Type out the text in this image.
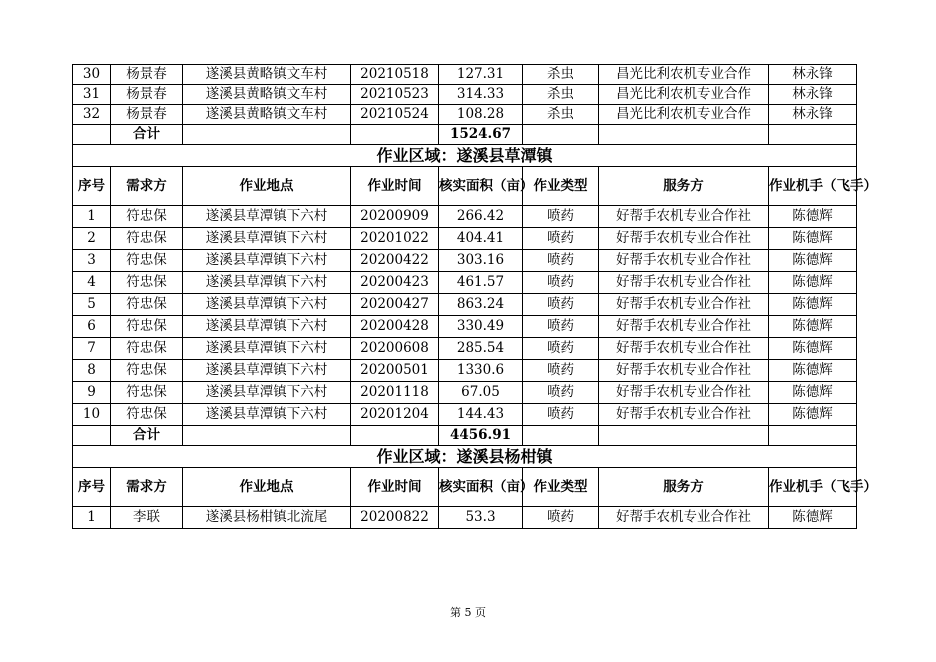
30	杨景春	遂溪县黄略镇文车村	20210518	127.31	杀虫	昌光比利农机专业合作	林永锋
31	杨景春	遂溪县黄略镇文车村	20210523	314.33	杀虫	昌光比利农机专业合作	林永锋
32	杨景春	遂溪县黄略镇文车村	20210524	108.28	杀虫	昌光比利农机专业合作	林永锋
	合计			1524.67			
作业区域：遂溪县草潭镇							
序号	需求方	作业地点	作业时间	核实面积（亩）	作业类型	服务方	作业机手（飞手）
1	符忠保	遂溪县草潭镇下六村	20200909	266.42	喷药	好帮手农机专业合作社	陈德辉
2	符忠保	遂溪县草潭镇下六村	20201022	404.41	喷药	好帮手农机专业合作社	陈德辉
3	符忠保	遂溪县草潭镇下六村	20200422	303.16	喷药	好帮手农机专业合作社	陈德辉
4	符忠保	遂溪县草潭镇下六村	20200423	461.57	喷药	好帮手农机专业合作社	陈德辉
5	符忠保	遂溪县草潭镇下六村	20200427	863.24	喷药	好帮手农机专业合作社	陈德辉
6	符忠保	遂溪县草潭镇下六村	20200428	330.49	喷药	好帮手农机专业合作社	陈德辉
7	符忠保	遂溪县草潭镇下六村	20200608	285.54	喷药	好帮手农机专业合作社	陈德辉
8	符忠保	遂溪县草潭镇下六村	20200501	1330.6	喷药	好帮手农机专业合作社	陈德辉
9	符忠保	遂溪县草潭镇下六村	20201118	67.05	喷药	好帮手农机专业合作社	陈德辉
10	符忠保	遂溪县草潭镇下六村	20201204	144.43	喷药	好帮手农机专业合作社	陈德辉
	合计			4456.91			
作业区域：遂溪县杨柑镇							
序号	需求方	作业地点	作业时间	核实面积（亩）	作业类型	服务方	作业机手（飞手）
1	李联	遂溪县杨柑镇北流尾	20200822	53.3	喷药	好帮手农机专业合作社	陈德辉
第 5 页
